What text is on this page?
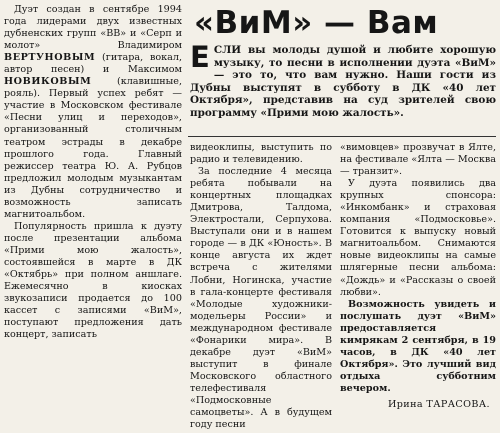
Дуэт создан в сентябре 1994 года лидерами двух известных дубненских групп «ВВ» и «Серп и молот» Владимиром ВЕРТУНОВЫМ (гитара, вокал, автор песен) и Максимом НОВИКОВЫМ (клавишные, рояль). Первый успех ребят — участие в Московском фестивале «Песни улиц и переходов», организованный столичным театром эстрады в декабре прошлого года. Главный режиссер театра Ю. А. Рубцов предложил молодым музыкантам из Дубны сотрудничество и возможность записать магнитоальбом.

Популярность пришла к дуэту после презентации альбома «Прими мою жалость», состоявшейся в марте в ДК «Октябрь» при полном аншлаге. Ежемесячно в киосках звукозаписи продается до 100 кассет с записями «ВиМ», поступают предложения дать концерт, записать

«ВиМ» — Вам
ЕСЛИ вы молоды душой и любите хорошую музыку, то песни в исполнении дуэта «ВиМ» — это то, что вам нужно. Наши гости из Дубны выступят в субботу в ДК «40 лет Октября», представив на суд зрителей свою программу «Прими мою жалость».

видеоклипы, выступить по радио и телевидению.

За последние 4 месяца ребята побывали на концертных площадках Дмитрова, Талдома, Электростали, Серпухова. Выступали они и в нашем городе — в ДК «Юность». В конце августа их ждет встреча с жителями Лобни, Ногинска, участие в гала-концерте фестиваля «Молодые художники-модельеры России» и международном фестивале «Фонарики мира». В декабре дуэт «ВиМ» выступит в финале Московского областного телефестиваля «Подмосковные самоцветы». А в будущем году песни

«вимовцев» прозвучат в Ялте, на фестивале «Ялта — Москва — транзит».

У дуэта появились два крупных спонсора: «Инкомбанк» и страховая компания «Подмосковье». Готовится к выпуску новый магнитоальбом. Снимаются новые видеоклипы на самые шлягерные песни альбома: «Дождь» и «Рассказы о своей любви».

Возможность увидеть и послушать дуэт «ВиМ» предоставляется кимрякам 2 сентября, в 19 часов, в ДК «40 лет Октября». Это лучший вид отдыха субботним вечером.

Ирина ТАРАСОВА.
